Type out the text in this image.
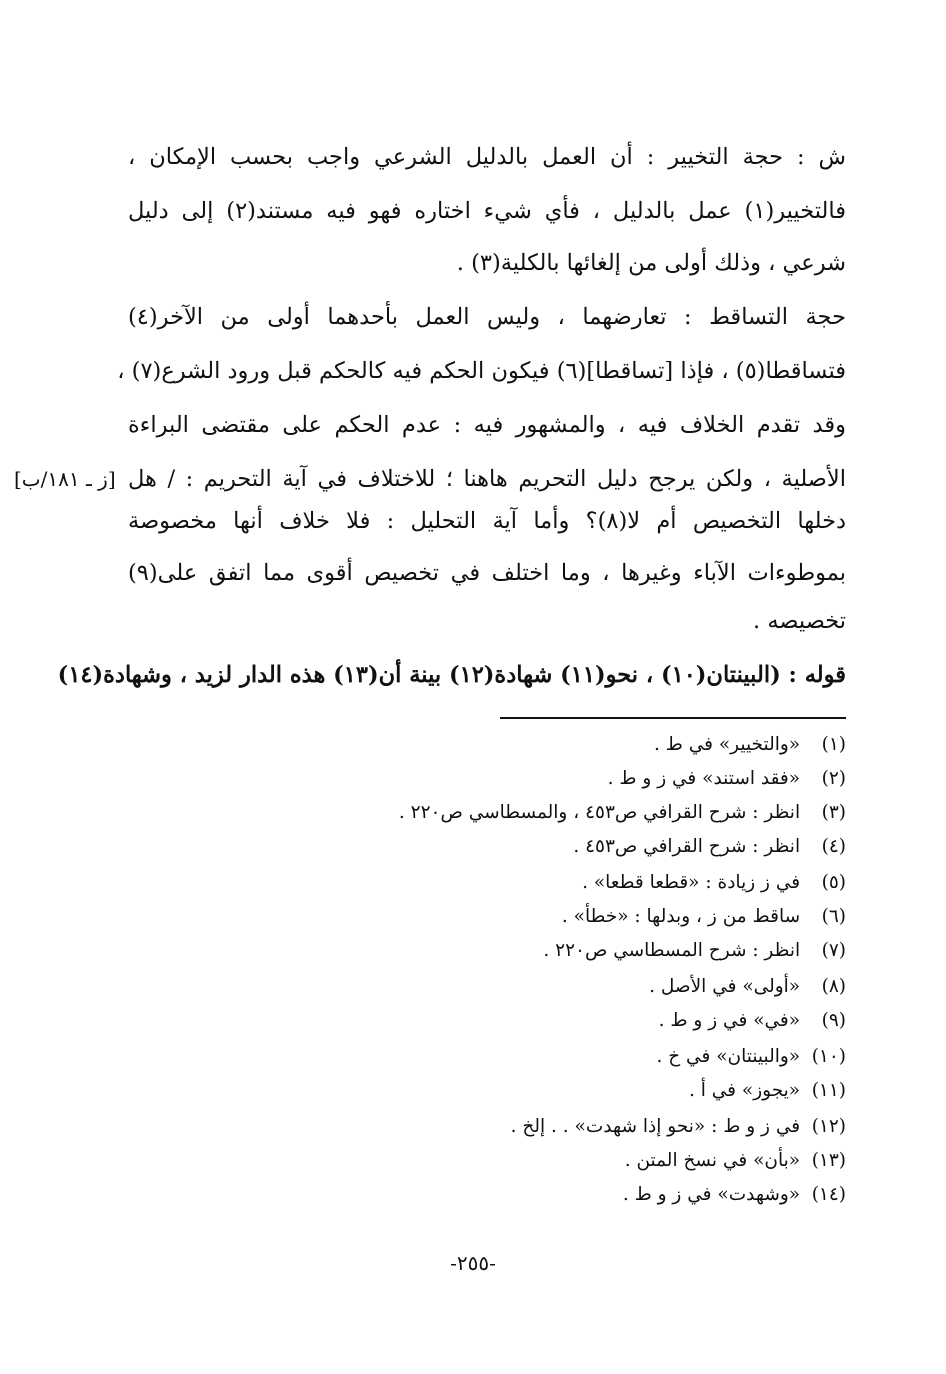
ش : حجة التخيير : أن العمل بالدليل الشرعي واجب بحسب الإمكان ،
فالتخيير(١) عمل بالدليل ، فأي شيء اختاره فهو فيه مستند(٢) إلى دليل
شرعي ، وذلك أولى من إلغائها بالكلية(٣) .
حجة التساقط : تعارضهما ، وليس العمل بأحدهما أولى من الآخر(٤)
فتساقطا(٥) ، فإذا [تساقطا](٦) فيكون الحكم فيه كالحكم قبل ورود الشرع(٧) ،
وقد تقدم الخلاف فيه ، والمشهور فيه : عدم الحكم على مقتضى البراءة
الأصلية ، ولكن يرجح دليل التحريم هاهنا ؛ للاختلاف في آية التحريم : / هل
دخلها التخصيص أم لا(٨)؟ وأما آية التحليل : فلا خلاف أنها مخصوصة
بموطوءات الآباء وغيرها ، وما اختلف في تخصيص أقوى مما اتفق على(٩)
تخصيصه .
قوله : (البينتان(١٠) ، نحو(١١) شهادة(١٢) بينة أن(١٣) هذه الدار لزيد ، وشهادة(١٤)
[ز ـ ١٨١/ب]
(١) «والتخيير» في ط .
(٢) «فقد استند» في ز و ط .
(٣) انظر : شرح القرافي ص٤٥٣ ، والمسطاسي ص٢٢٠ .
(٤) انظر : شرح القرافي ص٤٥٣ .
(٥) في ز زيادة : «قطعا قطعا» .
(٦) ساقط من ز ، وبدلها : «خطأ» .
(٧) انظر : شرح المسطاسي ص٢٢٠ .
(٨) «أولى» في الأصل .
(٩) «في» في ز و ط .
(١٠) «والبينتان» في خ .
(١١) «يجوز» في أ .
(١٢) في ز و ط : «نحو إذا شهدت» . . إلخ .
(١٣) «بأن» في نسخ المتن .
(١٤) «وشهدت» في ز و ط .
-٢٥٥-
